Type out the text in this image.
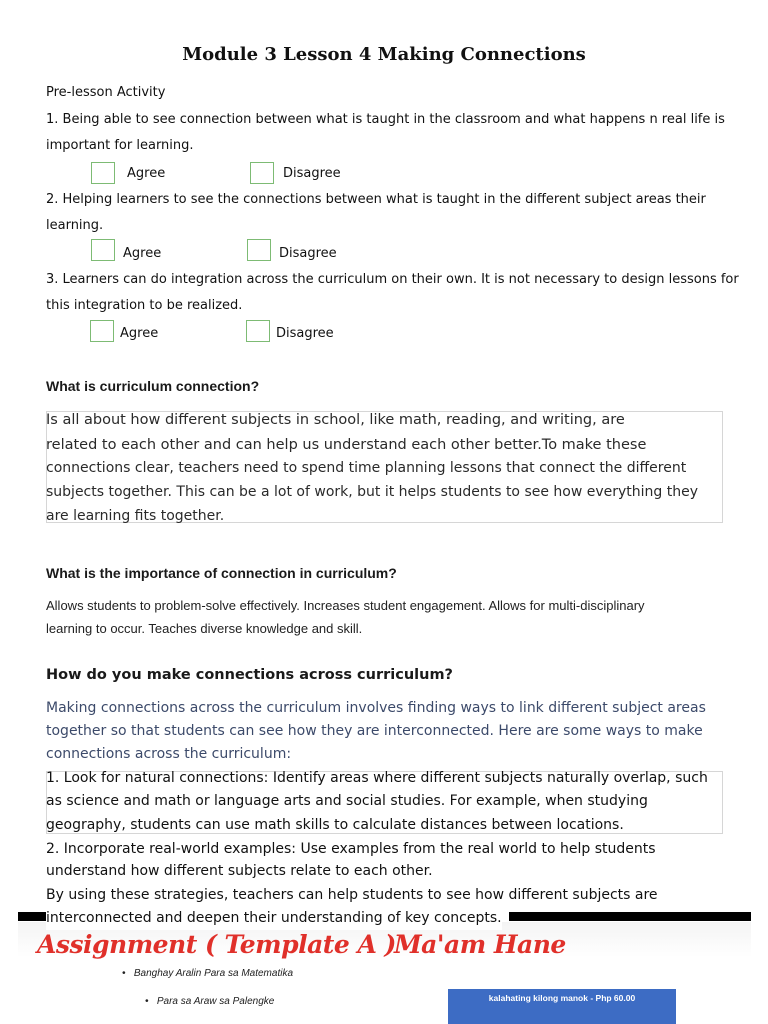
Module 3 Lesson 4 Making Connections
Pre-lesson Activity
1. Being able to see connection between what is taught in the classroom and what happens n real life is
important for learning.
Agree	Disagree
2. Helping learners to see the connections between what is taught in the different subject areas their
learning.
Agree	Disagree
3. Learners can do integration across the curriculum on their own. It is not necessary to design lessons for
this integration to be realized.
Agree	Disagree
What is curriculum connection?
Is all about how different subjects in school, like math, reading, and writing, are
related to each other and can help us understand each other better.To make these
connections clear, teachers need to spend time planning lessons that connect the different
subjects together. This can be a lot of work, but it helps students to see how everything they
are learning fits together.
What is the importance of connection in curriculum?
Allows students to problem-solve effectively. Increases student engagement. Allows for multi-disciplinary
learning to occur. Teaches diverse knowledge and skill.
How do you make connections across curriculum?
Making connections across the curriculum involves finding ways to link different subject areas
together so that students can see how they are interconnected. Here are some ways to make
connections across the curriculum:
1. Look for natural connections: Identify areas where different subjects naturally overlap, such
as science and math or language arts and social studies. For example, when studying
geography, students can use math skills to calculate distances between locations.
2. Incorporate real-world examples: Use examples from the real world to help students
understand how different subjects relate to each other.
By using these strategies, teachers can help students to see how different subjects are
interconnected and deepen their understanding of key concepts.
Assignment ( Template A )
Ma'am Hane
•   Banghay Aralin Para sa Matematika
•   Para sa Araw sa Palengke	kalahating kilong manok - Php 60.00
